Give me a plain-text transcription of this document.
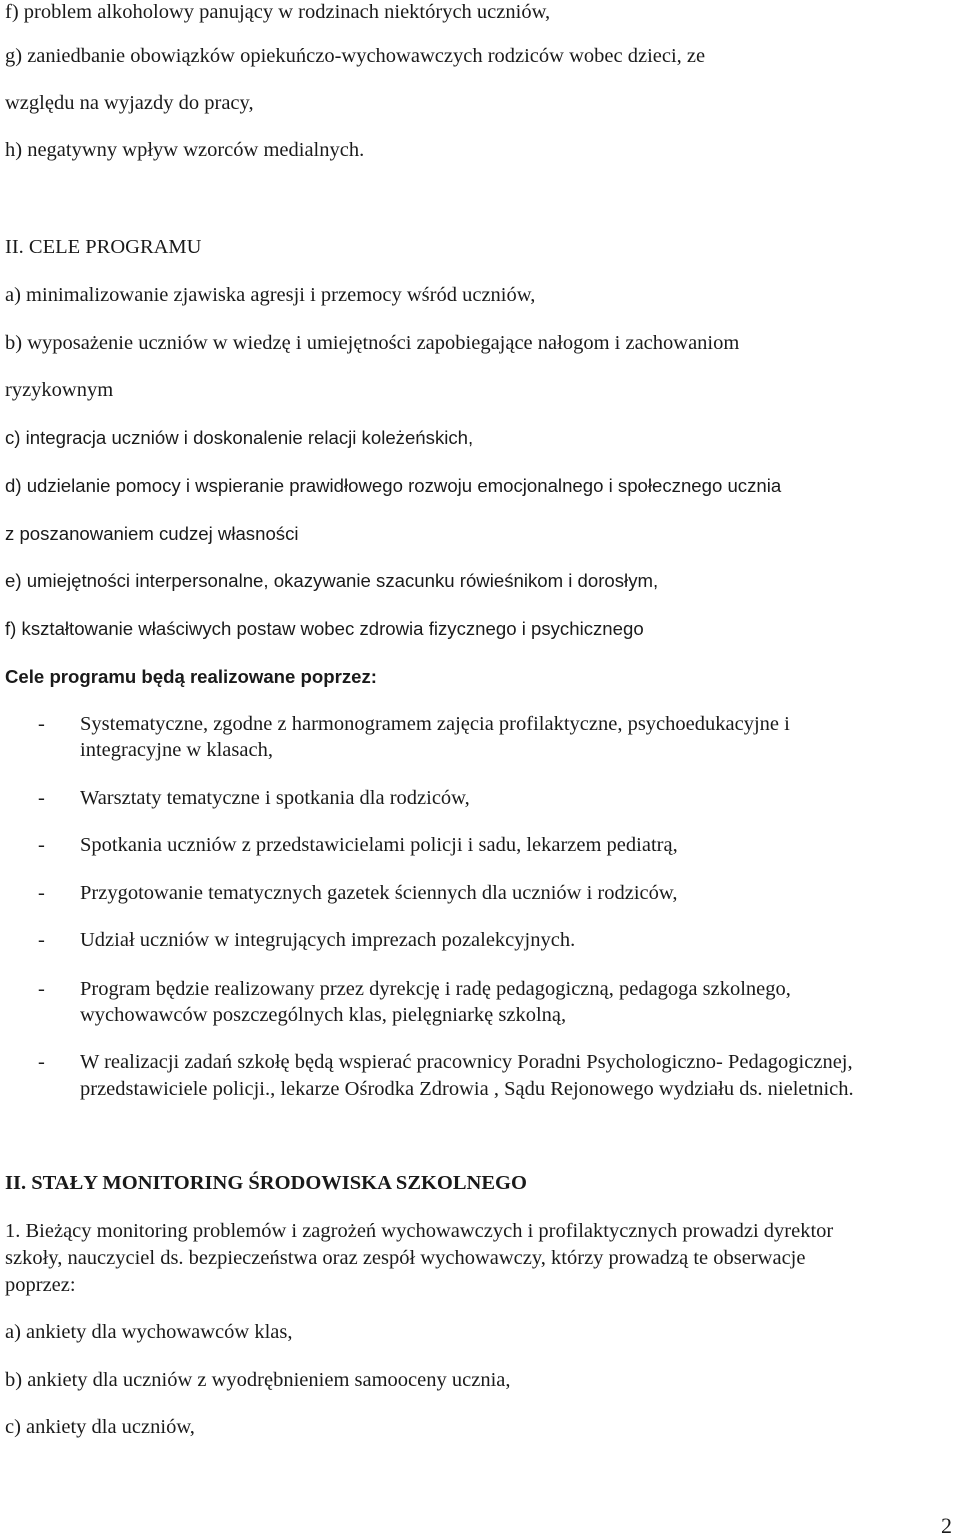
f) problem alkoholowy panujący w rodzinach niektórych uczniów,
g) zaniedbanie obowiązków opiekuńczo-wychowawczych rodziców wobec dzieci, ze
względu na wyjazdy do pracy,
h) negatywny wpływ wzorców medialnych.
II. CELE PROGRAMU
a) minimalizowanie zjawiska agresji i przemocy wśród uczniów,
b) wyposażenie uczniów w wiedzę i umiejętności zapobiegające nałogom i zachowaniom
ryzykownym
c) integracja uczniów i doskonalenie relacji koleżeńskich,
d) udzielanie pomocy i wspieranie prawidłowego rozwoju emocjonalnego i społecznego ucznia
z poszanowaniem cudzej własności
e) umiejętności interpersonalne, okazywanie szacunku rówieśnikom i dorosłym,
f) kształtowanie właściwych postaw wobec zdrowia fizycznego i psychicznego
Cele programu będą realizowane poprzez:
- Systematyczne, zgodne z harmonogramem zajęcia profilaktyczne, psychoedukacyjne i
integracyjne w klasach,
- Warsztaty tematyczne i spotkania dla rodziców,
- Spotkania uczniów z przedstawicielami policji i sadu, lekarzem pediatrą,
- Przygotowanie tematycznych gazetek ściennych dla uczniów i rodziców,
- Udział uczniów w integrujących imprezach pozalekcyjnych.
- Program będzie realizowany przez dyrekcję i radę pedagogiczną, pedagoga szkolnego,
wychowawców poszczególnych klas, pielęgniarkę szkolną,
- W realizacji zadań szkołę będą wspierać pracownicy Poradni Psychologiczno- Pedagogicznej,
przedstawiciele policji., lekarze Ośrodka Zdrowia , Sądu Rejonowego wydziału ds. nieletnich.
II. STAŁY MONITORING ŚRODOWISKA SZKOLNEGO
1. Bieżący monitoring problemów i zagrożeń wychowawczych i profilaktycznych prowadzi dyrektor
szkoły, nauczyciel ds. bezpieczeństwa oraz zespół wychowawczy, którzy prowadzą te obserwacje
poprzez:
a) ankiety dla wychowawców klas,
b) ankiety dla uczniów z wyodrębnieniem samooceny ucznia,
c) ankiety dla uczniów,
2
